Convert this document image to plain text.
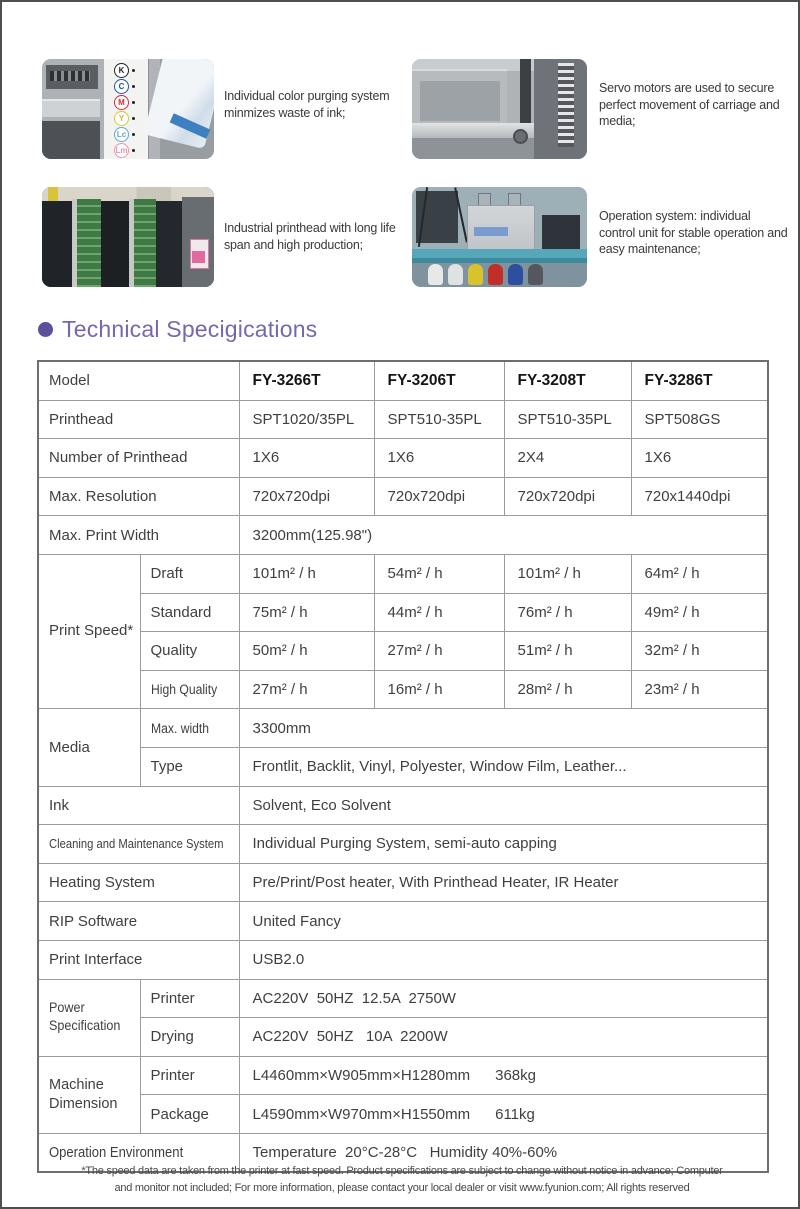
K
C
M
Y
Lc
Lm
Individual color purging system minmizes waste of ink;
Servo motors are used to secure perfect movement of carriage and media;
Industrial printhead with long life span and high production;
Operation system: individual control unit for stable operation and easy maintenance;
Technical Specigications
Model		FY-3266T	FY-3206T	FY-3208T	FY-3286T
Printhead		SPT1020/35PL	SPT510-35PL	SPT510-35PL	SPT508GS
Number of Printhead		1X6	1X6	2X4	1X6
Max. Resolution		720x720dpi	720x720dpi	720x720dpi	720x1440dpi
Max. Print Width		3200mm(125.98")			
Print Speed*	Draft	101m² / h	54m² / h	101m² / h	64m² / h
	Standard	75m² / h	44m² / h	76m² / h	49m² / h
	Quality	50m² / h	27m² / h	51m² / h	32m² / h
	High Quality	27m² / h	16m² / h	28m² / h	23m² / h
Media	Max. width	3300mm			
	Type	Frontlit, Backlit, Vinyl, Polyester, Window Film, Leather...			
Ink		Solvent, Eco Solvent			
Cleaning and Maintenance System		Individual Purging System, semi-auto capping			
Heating System		Pre/Print/Post heater, With Printhead Heater, IR Heater			
RIP Software		United Fancy			
Print Interface		USB2.0			
Power Specification	Printer	AC220V  50HZ  12.5A  2750W			
	Drying	AC220V  50HZ   10A  2200W			
Machine Dimension	Printer	L4460mm×W905mm×H1280mm      368kg			
	Package	L4590mm×W970mm×H1550mm      611kg			
Operation Environment		Temperature  20°C-28°C   Humidity 40%-60%			
*The speed data are taken from the printer at fast speed. Product specifications are subject to change without notice in advance; Computer
and monitor not included; For more information, please contact your local dealer or visit www.fyunion.com; All rights reserved
